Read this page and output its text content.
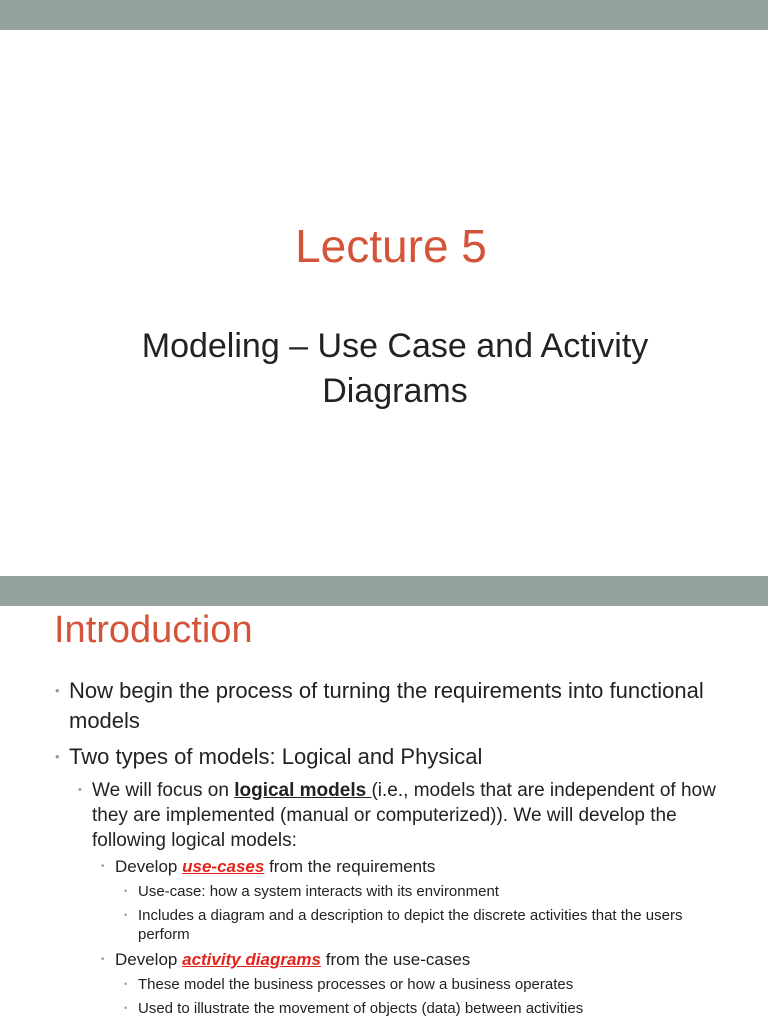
Lecture 5
Modeling – Use Case and Activity Diagrams
Introduction
• Now begin the process of turning the requirements into functional models
• Two types of models: Logical and Physical
• We will focus on logical models (i.e., models that are independent of how they are implemented (manual or computerized)). We will develop the following logical models:
• Develop use-cases from the requirements
• Use-case: how a system interacts with its environment
• Includes a diagram and a description to depict the discrete activities that the users perform
• Develop activity diagrams from the use-cases
• These model the business processes or how a business operates
• Used to illustrate the movement of objects (data) between activities
